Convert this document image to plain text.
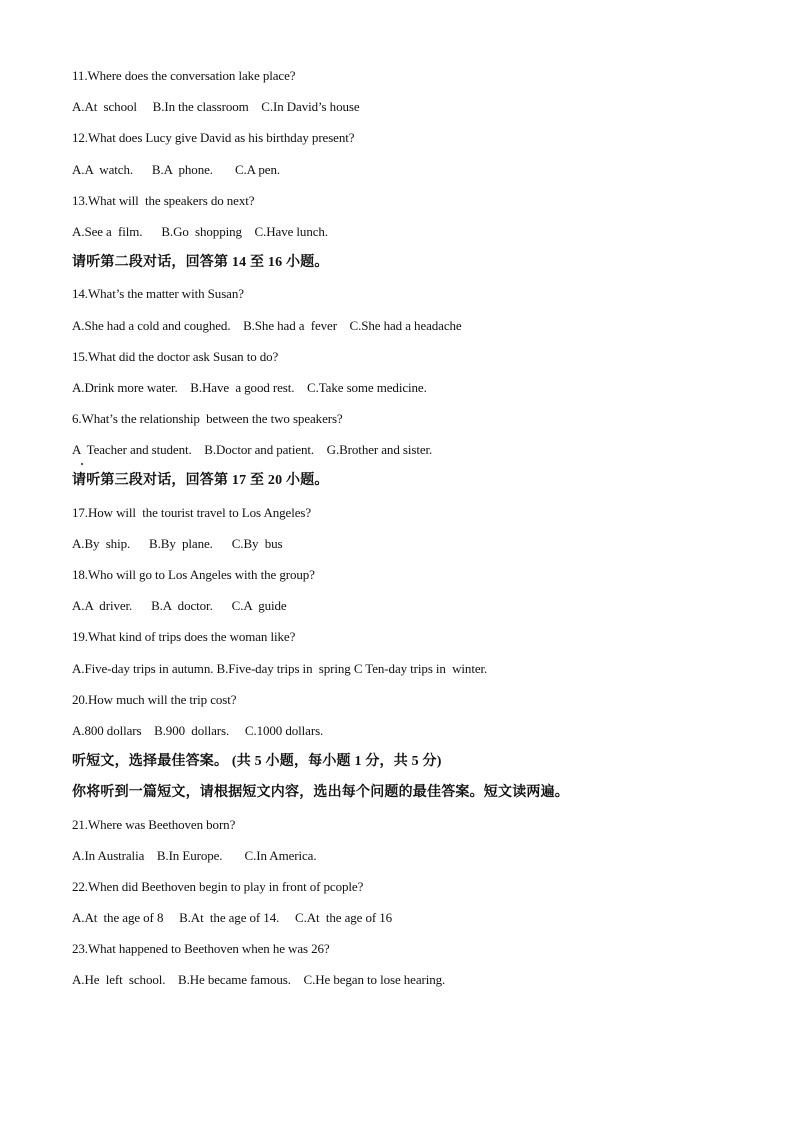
11.Where does the conversation lake place?
A.At  school     B.In the classroom    C.In David’s house
12.What does Lucy give David as his birthday present?
A.A  watch.      B.A  phone.       C.A pen.
13.What will  the speakers do next?
A.See a  film.      B.Go  shopping    C.Have lunch.
请听第二段对话，回答第 14 至 16 小题。
14.What’s the matter with Susan?
A.She had a cold and coughed.    B.She had a  fever    C.She had a headache
15.What did the doctor ask Susan to do?
A.Drink more water.    B.Have  a good rest.    C.Take some medicine.
6.What’s the relationship  between the two speakers?
A  Teacher and student.    B.Doctor and patient.    G.Brother and sister.
请听第三段对话，回答第 17 至 20 小题。
17.How will  the tourist travel to Los Angeles?
A.By  ship.      B.By  plane.      C.By  bus
18.Who will go to Los Angeles with the group?
A.A  driver.      B.A  doctor.      C.A  guide
19.What kind of trips does the woman like?
A.Five-day trips in autumn. B.Five-day trips in  spring C Ten-day trips in  winter.
20.How much will the trip cost?
A.800 dollars    B.900  dollars.     C.1000 dollars.
听短文，选择最佳答案。 (共 5 小题，每小题 1 分，共 5 分)
你将听到一篇短文，请根据短文内容，选出每个问题的最佳答案。短文读两遍。
21.Where was Beethoven born?
A.In Australia    B.In Europe.       C.In America.
22.When did Beethoven begin to play in front of pcople?
A.At  the age of 8     B.At  the age of 14.     C.At  the age of 16
23.What happened to Beethoven when he was 26?
A.He  left  school.    B.He became famous.    C.He began to lose hearing.
